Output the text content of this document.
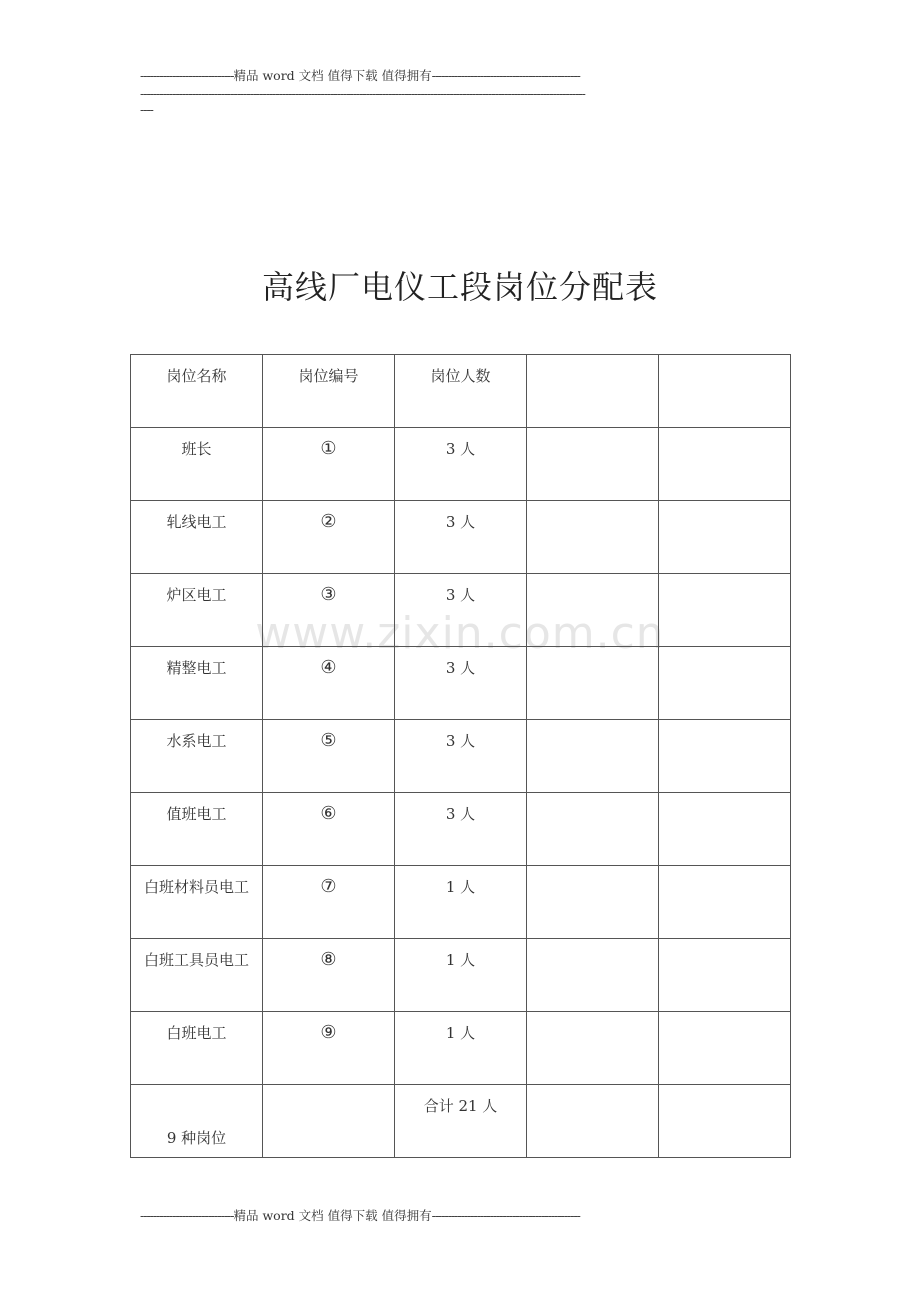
-----------------------------精品 word 文档 值得下载 值得拥有----------------------------------------------
------------------------------------------------------------------------------------------------------------------------------------------
----
高线厂电仪工段岗位分配表
www.zixin.com.cn
岗位名称	岗位编号	岗位人数		

班长	①	3 人		

轧线电工	②	3 人		

炉区电工	③	3 人		

精整电工	④	3 人		

水系电工	⑤	3 人		

值班电工	⑥	3 人		

白班材料员电工	⑦	1 人		

白班工具员电工	⑧	1 人		

白班电工	⑨	1 人		

9 种岗位		合计 21 人		

-----------------------------精品 word 文档 值得下载 值得拥有----------------------------------------------
